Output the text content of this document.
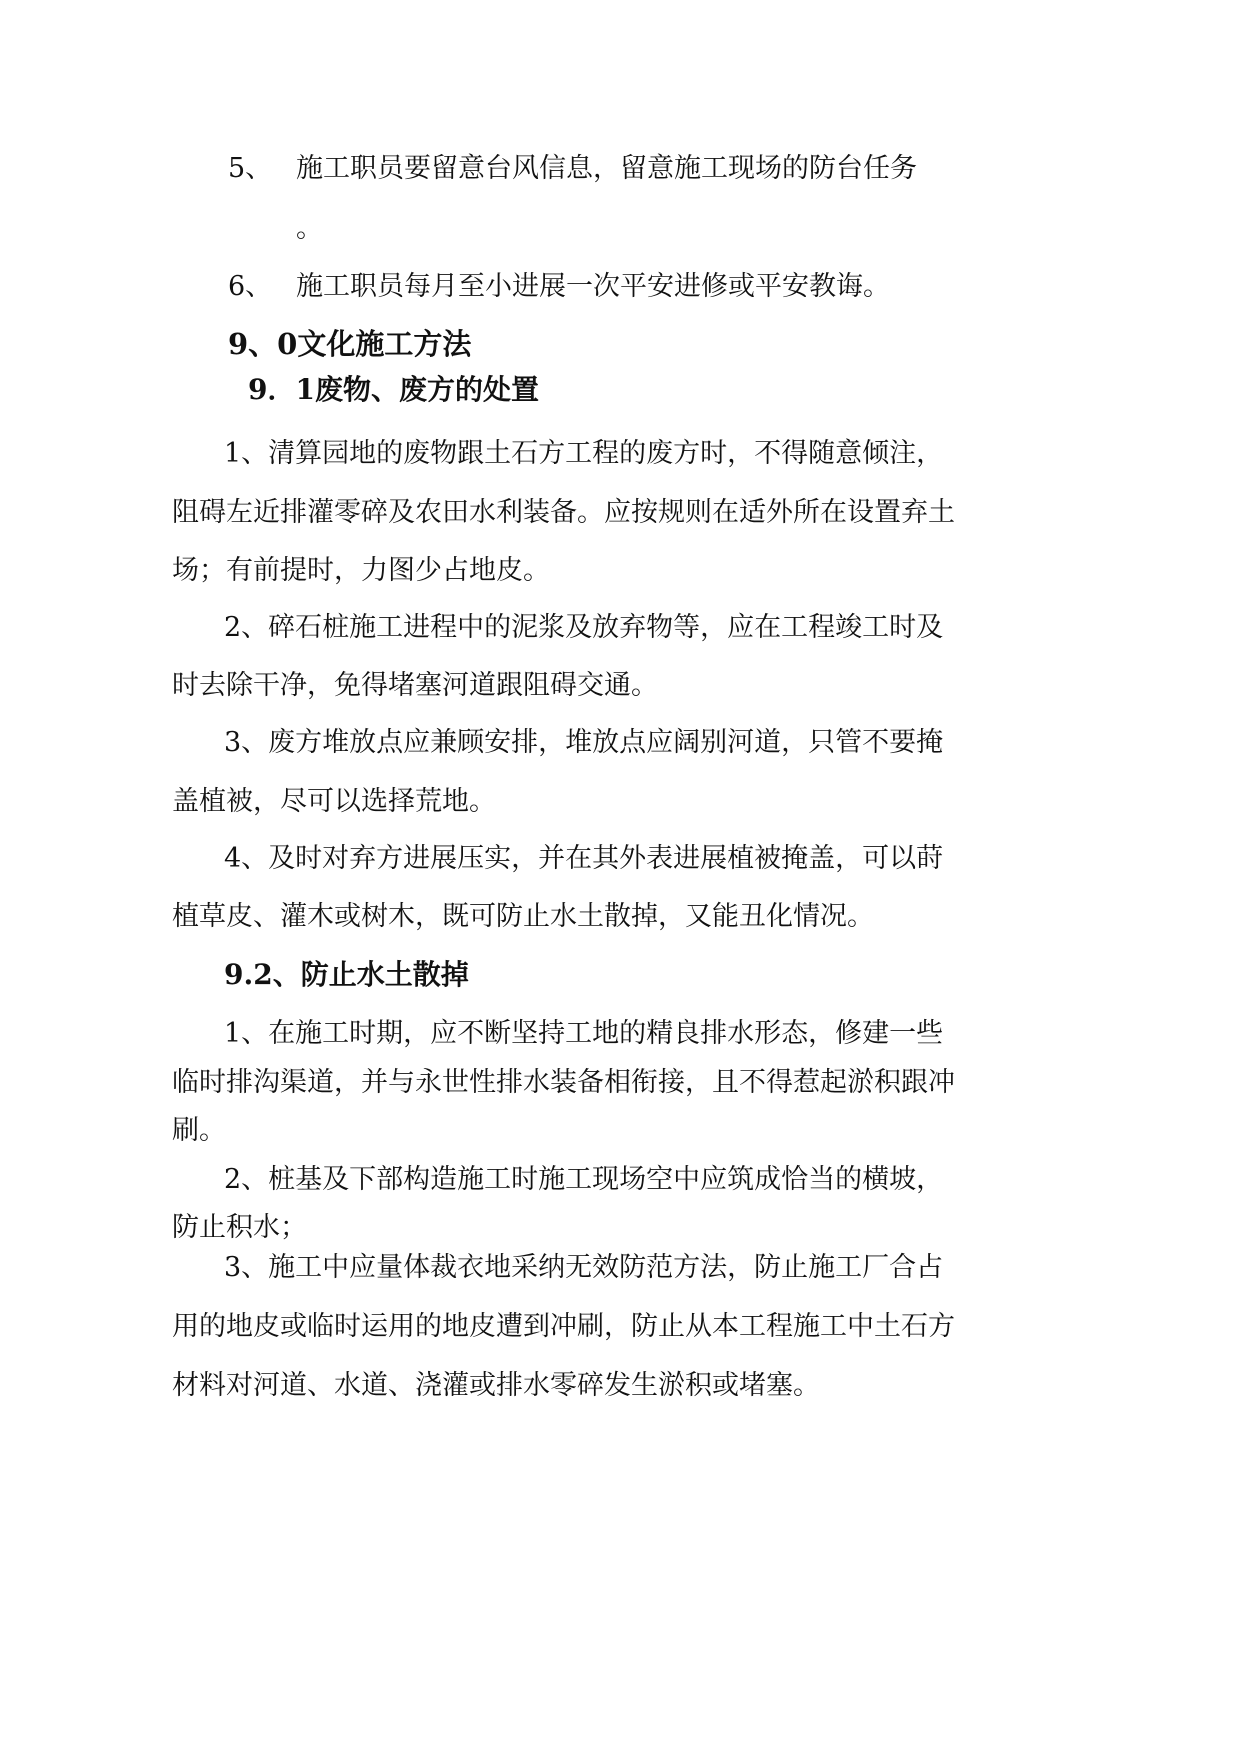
5、 施工职员要留意台风信息，留意施工现场的防台任务
。
6、 施工职员每月至小进展一次平安进修或平安教诲。
9、0文化施工方法
9．1废物、废方的处置
1、清算园地的废物跟土石方工程的废方时，不得随意倾注，
阻碍左近排灌零碎及农田水利装备。应按规则在适外所在设置弃土
场；有前提时，力图少占地皮。
2、碎石桩施工进程中的泥浆及放弃物等，应在工程竣工时及
时去除干净，免得堵塞河道跟阻碍交通。
3、废方堆放点应兼顾安排，堆放点应阔别河道，只管不要掩
盖植被，尽可以选择荒地。
4、及时对弃方进展压实，并在其外表进展植被掩盖，可以莳
植草皮、灌木或树木，既可防止水土散掉，又能丑化情况。
9.2、防止水土散掉
1、在施工时期，应不断坚持工地的精良排水形态，修建一些
临时排沟渠道，并与永世性排水装备相衔接，且不得惹起淤积跟冲
刷。
2、桩基及下部构造施工时施工现场空中应筑成恰当的横坡，
防止积水；
3、施工中应量体裁衣地采纳无效防范方法，防止施工厂合占
用的地皮或临时运用的地皮遭到冲刷，防止从本工程施工中土石方
材料对河道、水道、浇灌或排水零碎发生淤积或堵塞。
